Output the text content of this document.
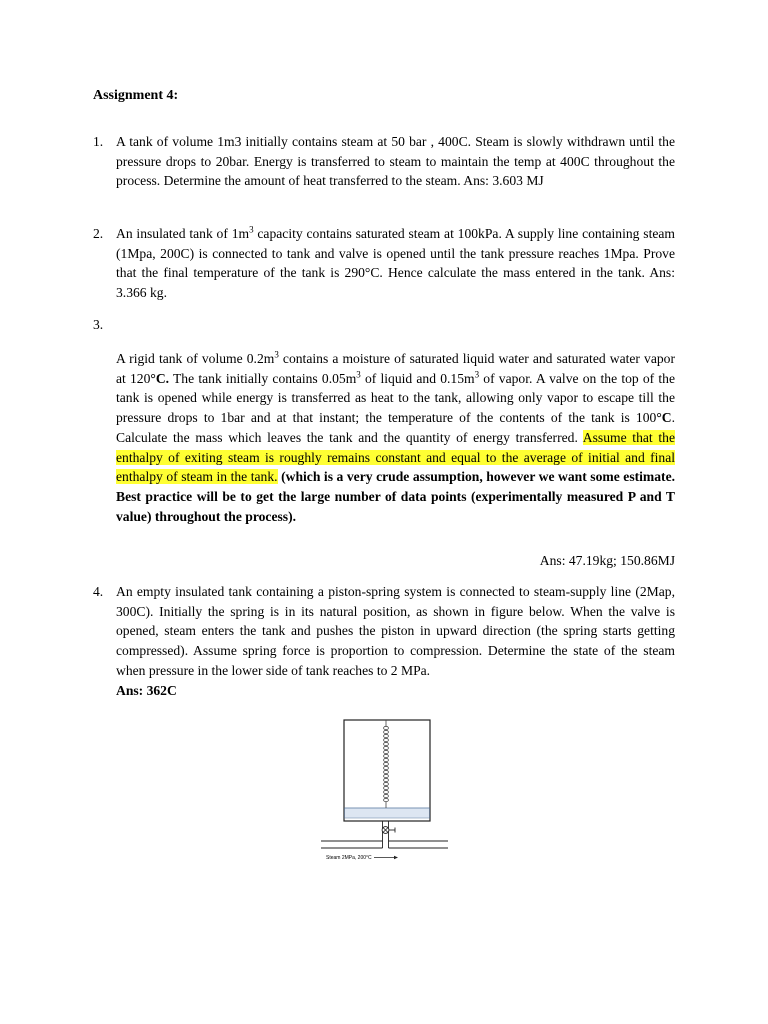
Assignment 4:
1. A tank of volume 1m3 initially contains steam at 50 bar , 400C. Steam is slowly withdrawn until the pressure drops to 20bar. Energy is transferred to steam to maintain the temp at 400C throughout the process. Determine the amount of heat transferred to the steam. Ans: 3.603 MJ
2. An insulated tank of $1m^3$ capacity contains saturated steam at 100kPa. A supply line containing steam (1Mpa, 200C) is connected to tank and valve is opened until the tank pressure reaches 1Mpa. Prove that the final temperature of the tank is 290°C. Hence calculate the mass entered in the tank. Ans: 3.366 kg.
3.
A rigid tank of volume $0.2m^3$ contains a moisture of saturated liquid water and saturated water vapor at 120°C. The tank initially contains $0.05m^3$ of liquid and $0.15m^3$ of vapor. A valve on the top of the tank is opened while energy is transferred as heat to the tank, allowing only vapor to escape till the pressure drops to 1bar and at that instant; the temperature of the contents of the tank is 100°C. Calculate the mass which leaves the tank and the quantity of energy transferred. Assume that the enthalpy of exiting steam is roughly remains constant and equal to the average of initial and final enthalpy of steam in the tank. (which is a very crude assumption, however we want some estimate. Best practice will be to get the large number of data points (experimentally measured P and T value) throughout the process).
Ans: 47.19kg; 150.86MJ
4. An empty insulated tank containing a piston-spring system is connected to steam-supply line (2Map, 300C). Initially the spring is in its natural position, as shown in figure below. When the valve is opened, steam enters the tank and pushes the piston in upward direction (the spring starts getting compressed). Assume spring force is proportion to compression. Determine the state of the steam when pressure in the lower side of tank reaches to 2 MPa.
Ans: 362C
Steam 2MPa, 200°C
